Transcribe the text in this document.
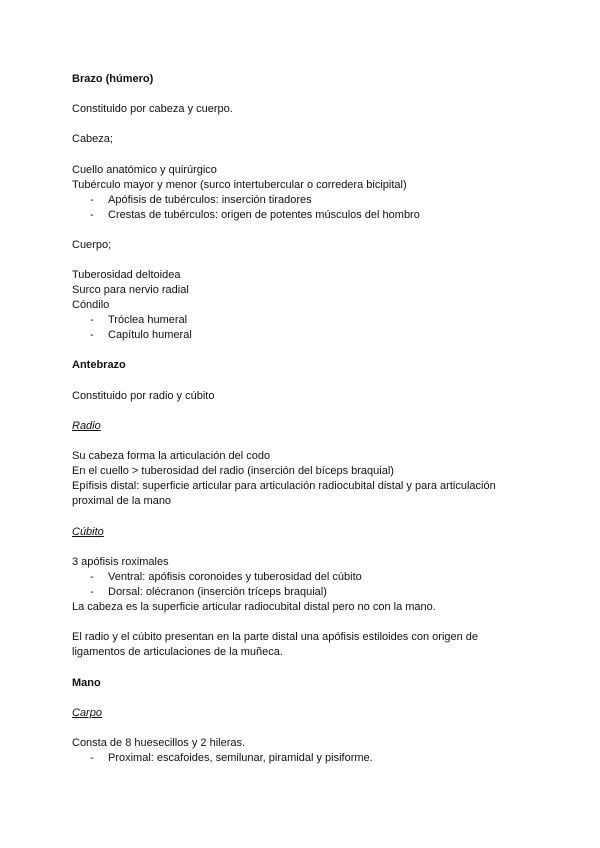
Brazo (húmero)
Constituido por cabeza y cuerpo.
Cabeza;
Cuello anatómico y quirúrgico
Tubérculo mayor y menor (surco intertubercular o corredera bicipital)
- Apófisis de tubérculos: inserción tiradores
- Crestas de tubérculos: origen de potentes músculos del hombro
Cuerpo;
Tuberosidad deltoidea
Surco para nervio radial
Cóndilo
- Tróclea humeral
- Capítulo humeral
Antebrazo
Constituido por radio y cúbito
Radio
Su cabeza forma la articulación del codo
En el cuello > tuberosidad del radio (inserción del bíceps braquial)
Epífisis distal: superficie articular para articulación radiocubital distal y para articulación
proximal de la mano
Cúbito
3 apófisis roximales
- Ventral: apófisis coronoides y tuberosidad del cúbito
- Dorsal: olécranon (inserción tríceps braquial)
La cabeza es la superficie articular radiocubital distal pero no con la mano.
El radio y el cúbito presentan en la parte distal una apófisis estiloides con origen de
ligamentos de articulaciones de la muñeca.
Mano
Carpo
Consta de 8 huesecillos y 2 hileras.
- Proximal: escafoides, semilunar, piramidal y pisiforme.
